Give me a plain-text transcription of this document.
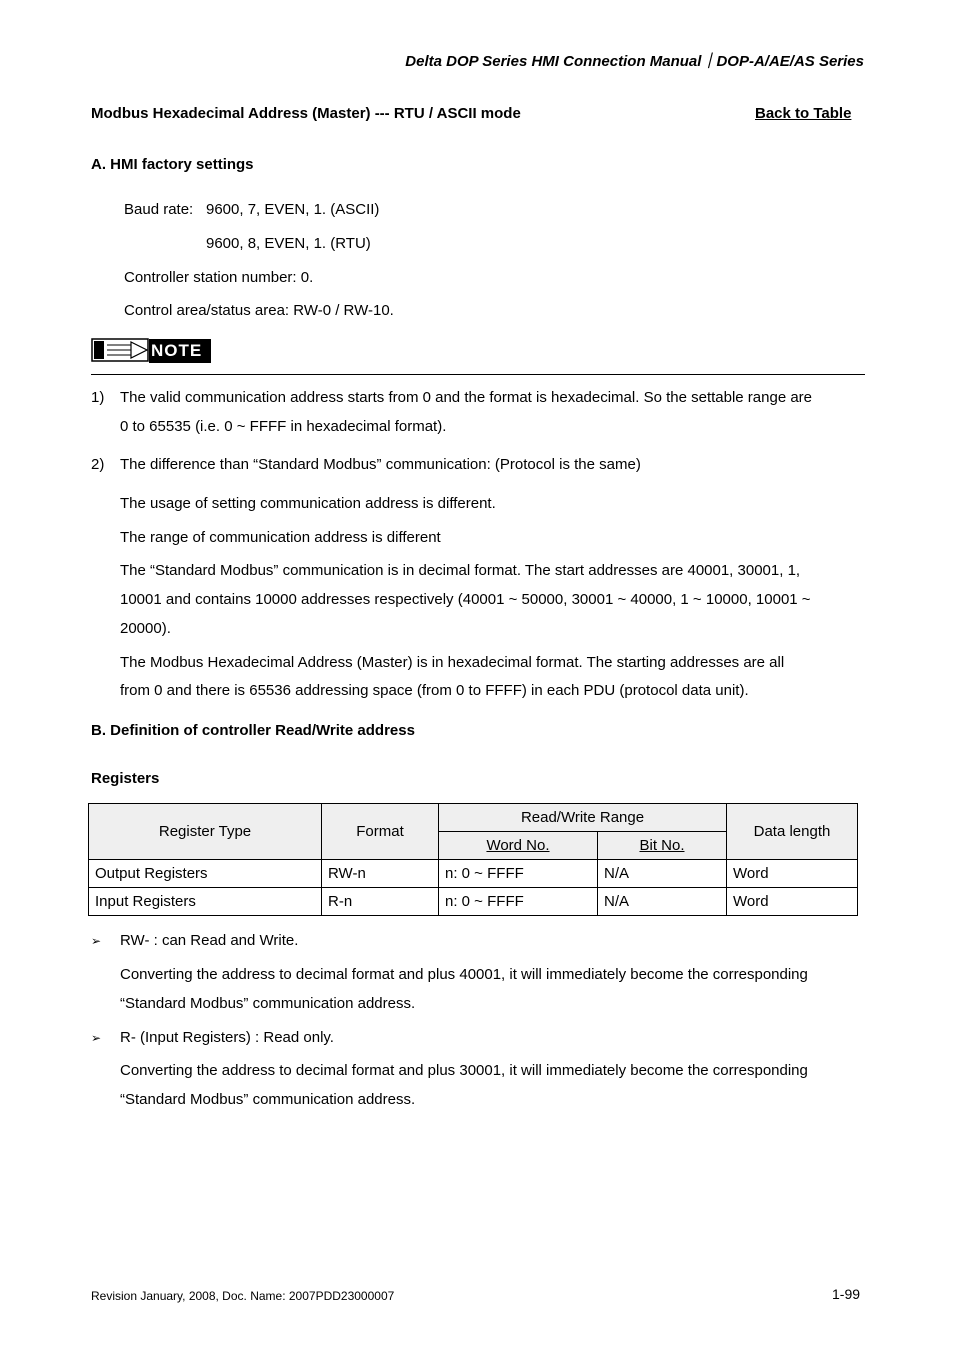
Delta DOP Series HMI Connection Manual｜DOP-A/AE/AS Series
Modbus Hexadecimal Address (Master) --- RTU / ASCII mode	Back to Table
A. HMI factory settings
Baud rate: 9600, 7, EVEN, 1. (ASCII)
9600, 8, EVEN, 1. (RTU)
Controller station number: 0.
Control area/status area: RW-0 / RW-10.
NOTE
1) The valid communication address starts from 0 and the format is hexadecimal. So the settable range are
0 to 65535 (i.e. 0 ~ FFFF in hexadecimal format).
2) The difference than “Standard Modbus” communication: (Protocol is the same)
The usage of setting communication address is different.
The range of communication address is different
The “Standard Modbus” communication is in decimal format. The start addresses are 40001, 30001, 1,
10001 and contains 10000 addresses respectively (40001 ~ 50000, 30001 ~ 40000, 1 ~ 10000, 10001 ~
20000).
The Modbus Hexadecimal Address (Master) is in hexadecimal format. The starting addresses are all
from 0 and there is 65536 addressing space (from 0 to FFFF) in each PDU (protocol data unit).
B. Definition of controller Read/Write address
Registers
Register Type	Format	Read/Write Range		Data length
		Word No.	Bit No.	
Output Registers	RW-n	n: 0 ~ FFFF	N/A	Word
Input Registers	R-n	n: 0 ~ FFFF	N/A	Word
➢ RW- : can Read and Write.
Converting the address to decimal format and plus 40001, it will immediately become the corresponding
“Standard Modbus” communication address.
➢ R- (Input Registers) : Read only.
Converting the address to decimal format and plus 30001, it will immediately become the corresponding
“Standard Modbus” communication address.
Revision January, 2008, Doc. Name: 2007PDD23000007	1-99
